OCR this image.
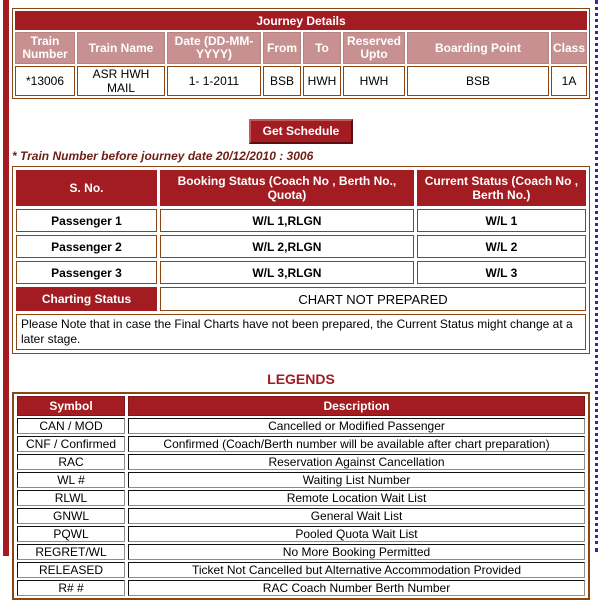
Journey Details							
Train Number	Train Name	Date (DD-MM-YYYY)	From	To	Reserved Upto	Boarding Point	Class
*13006	ASR HWH MAIL	1- 1-2011	BSB	HWH	HWH	BSB	1A
Get Schedule
* Train Number before journey date 20/12/2010 : 3006
S. No.	Booking Status (Coach No , Berth No., Quota)	Current Status (Coach No , Berth No.)
Passenger 1	W/L 1,RLGN	W/L 1
Passenger 2	W/L 2,RLGN	W/L 2
Passenger 3	W/L 3,RLGN	W/L 3
Charting Status	CHART NOT PREPARED	
Please Note that in case the Final Charts have not been prepared, the Current Status might change at a later stage.		
LEGENDS
Symbol	Description
CAN / MOD	Cancelled or Modified Passenger
CNF / Confirmed	Confirmed (Coach/Berth number will be available after chart preparation)
RAC	Reservation Against Cancellation
WL #	Waiting List Number
RLWL	Remote Location Wait List
GNWL	General Wait List
PQWL	Pooled Quota Wait List
REGRET/WL	No More Booking Permitted
RELEASED	Ticket Not Cancelled but Alternative Accommodation Provided
R# #	RAC Coach Number Berth Number
